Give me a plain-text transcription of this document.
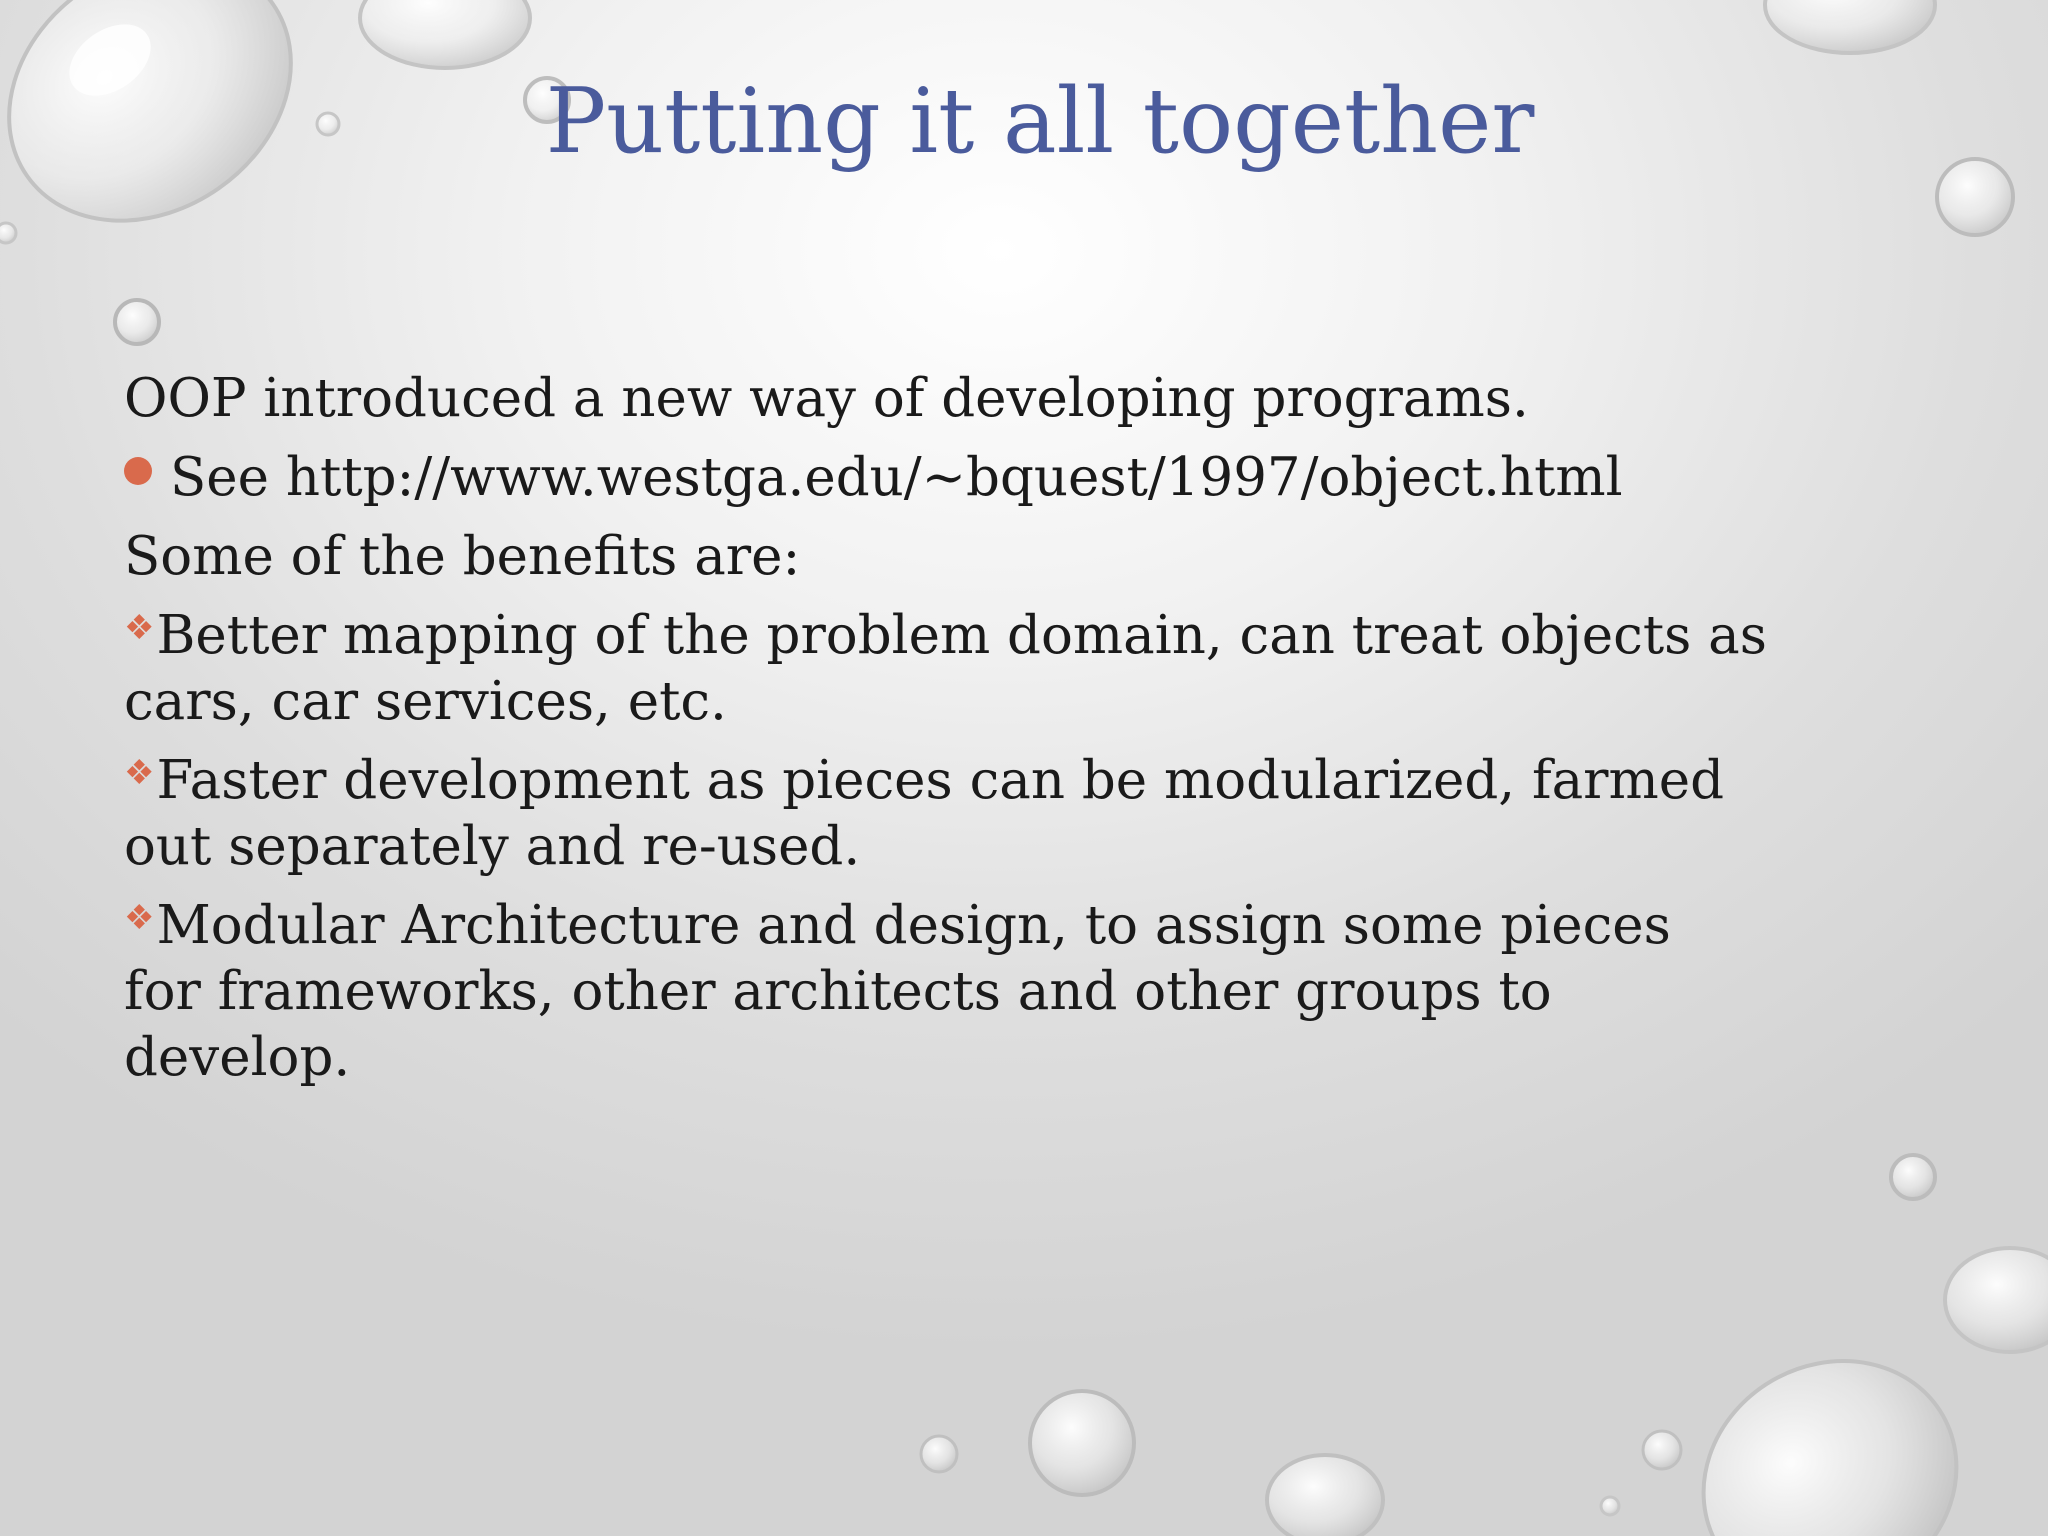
Putting it all together

OOP introduced a new way of developing programs.

See http://www.westga.edu/~bquest/1997/object.html

Some of the benefits are:

❖Better mapping of the problem domain, can treat objects as cars, car services, etc.

❖Faster development as pieces can be modularized, farmed out separately and re-used.

❖Modular Architecture and design, to assign some pieces for frameworks, other architects and other groups to develop.
